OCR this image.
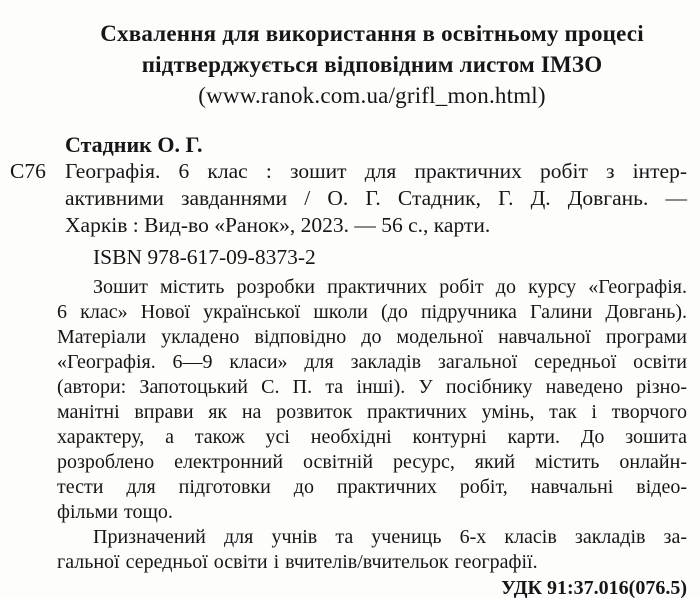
Схвалення для використання в освітньому процесі
підтверджується відповідним листом ІМЗО
(www.ranok.com.ua/grifl_mon.html)
Стадник О. Г.
С76 Географія. 6 клас : зошит для практичних робіт з інтер-
активними завданнями / О. Г. Стадник, Г. Д. Довгань. —
Харків : Вид-во «Ранок», 2023. — 56 с., карти.
ISBN 978-617-09-8373-2
Зошит містить розробки практичних робіт до курсу «Географія.
6 клас» Нової української школи (до підручника Галини Довгань).
Матеріали укладено відповідно до модельної навчальної програми
«Географія. 6—9 класи» для закладів загальної середньої освіти
(автори: Запотоцький С. П. та інші). У посібнику наведено різно-
манітні вправи як на розвиток практичних умінь, так і творчого
характеру, а також усі необхідні контурні карти. До зошита
розроблено електронний освітній ресурс, який містить онлайн-
тести для підготовки до практичних робіт, навчальні відео-
фільми тощо.
Призначений для учнів та учениць 6-х класів закладів за-
гальної середньої освіти і вчителів/вчительок географії.
УДК 91:37.016(076.5)
